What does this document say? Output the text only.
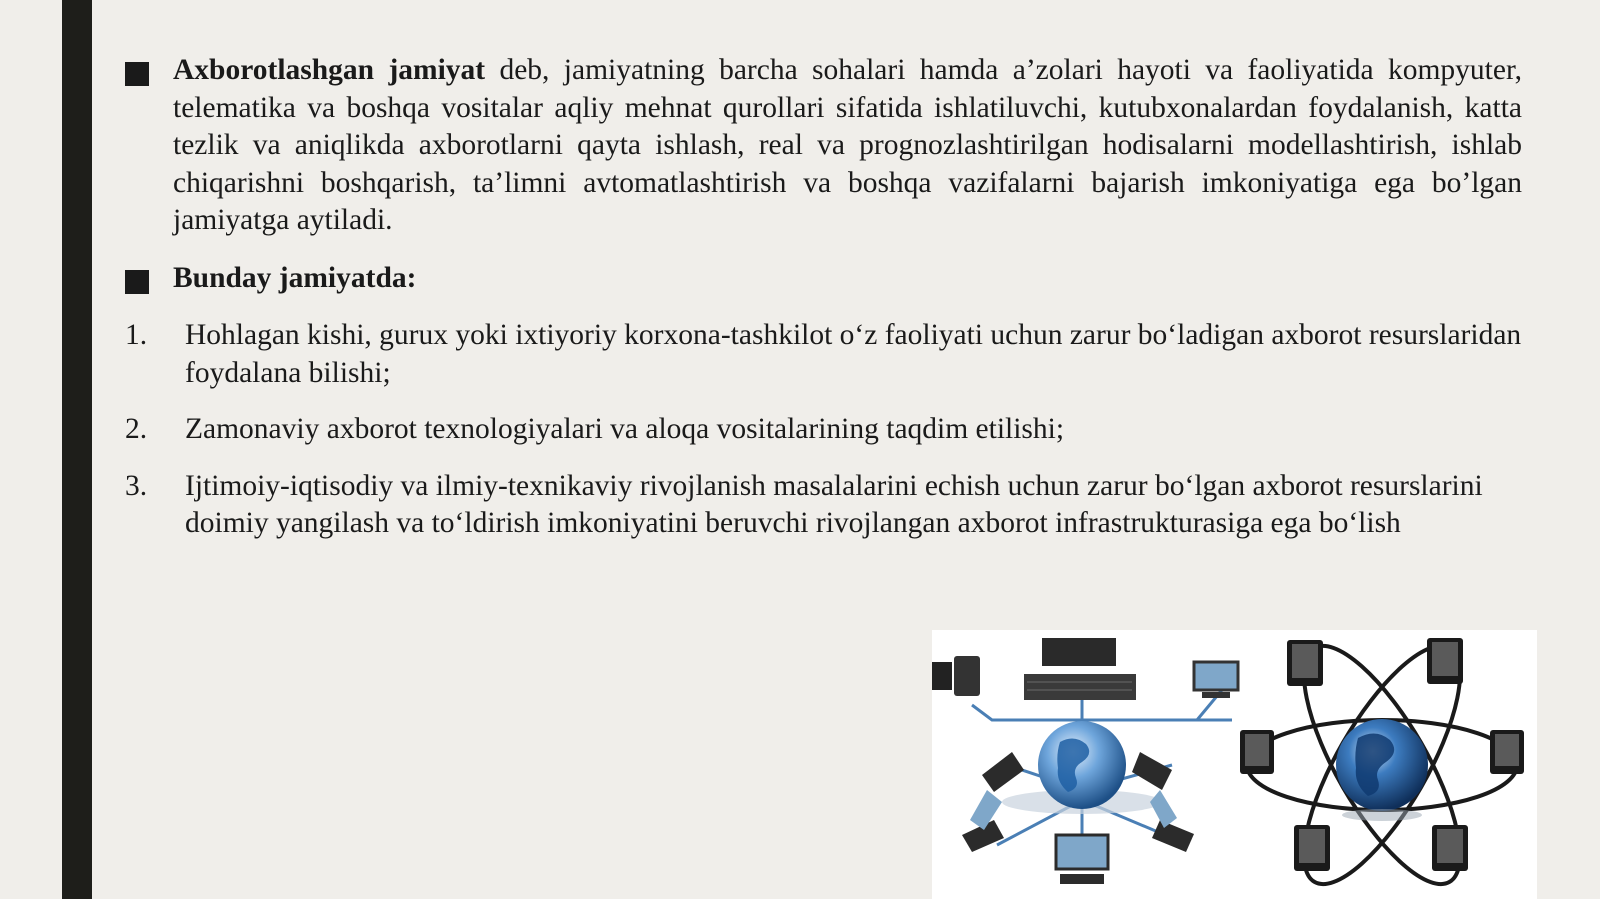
Axborotlashgan jamiyat deb, jamiyatning barcha sohalari hamda a’zolari hayoti va faoliyatida kompyuter, telematika va boshqa vositalar aqliy mehnat qurollari sifatida ishlatiluvchi, kutubxonalardan foydalanish, katta tezlik va aniqlikda axborotlarni qayta ishlash, real va prognozlashtirilgan hodisalarni modellashtirish, ishlab chiqarishni boshqarish, ta’limni avtomatlashtirish va boshqa vazifalarni bajarish imkoniyatiga ega bo’lgan jamiyatga aytiladi.
Bunday jamiyatda:
1.	Hohlagan kishi, gurux yoki ixtiyoriy korxona-tashkilot o‘z faoliyati uchun zarur bo‘ladigan axborot resurslaridan foydalana bilishi;
2.	Zamonaviy axborot texnologiyalari va aloqa vositalarining taqdim etilishi;
3.	Ijtimoiy-iqtisodiy va ilmiy-texnikaviy rivojlanish masalalarini echish uchun zarur bo‘lgan axborot resurslarini doimiy yangilash va to‘ldirish imkoniyatini beruvchi rivojlangan axborot infrastrukturasiga ega bo‘lish
